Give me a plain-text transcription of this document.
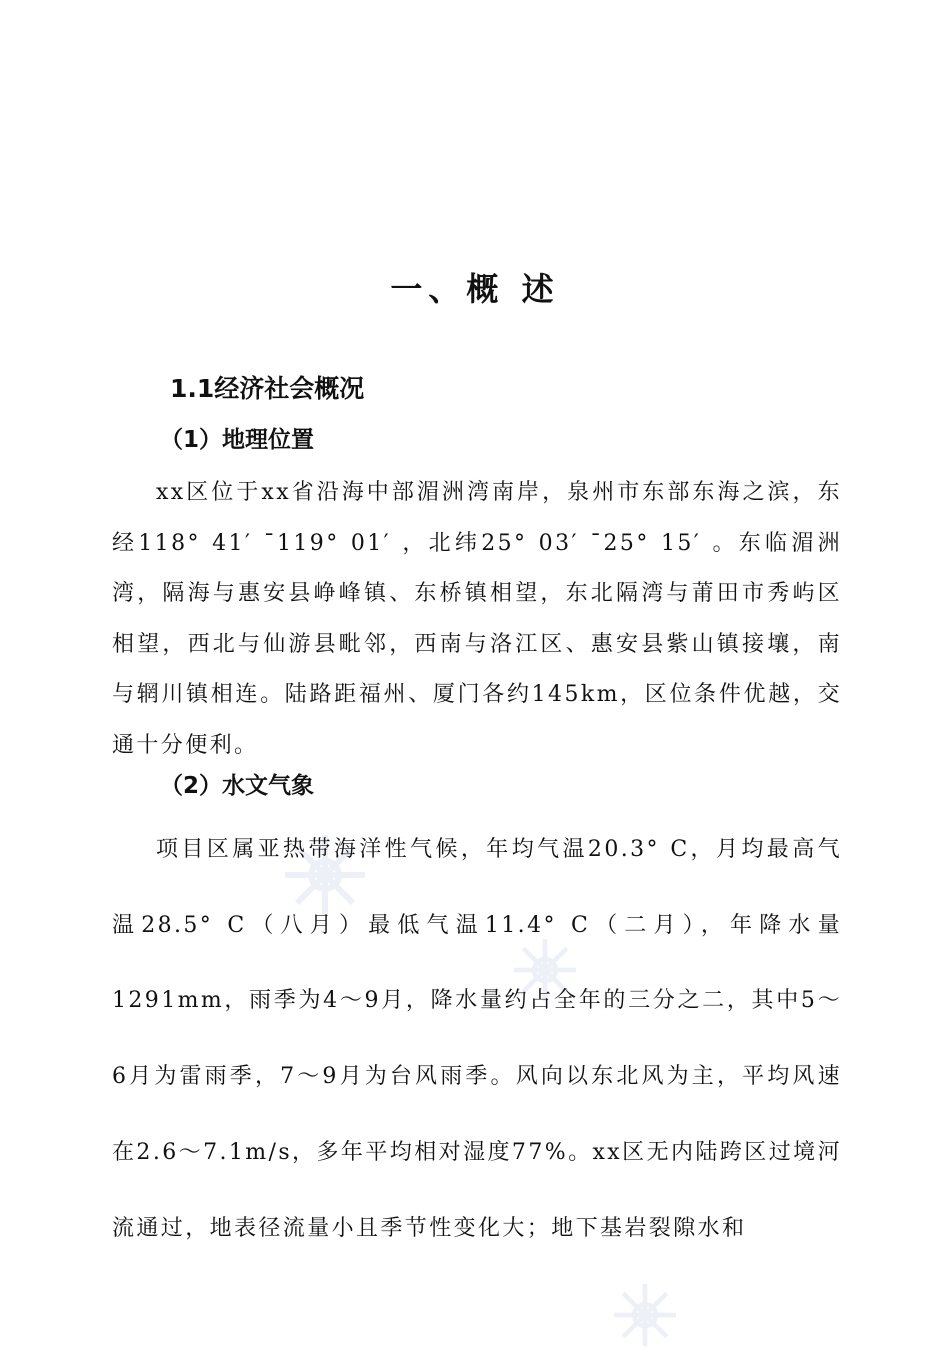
一、概 述
1.1经济社会概况
（1）地理位置

xx区位于xx省沿海中部湄洲湾南岸，泉州市东部东海之滨，东经118° 41′ ¯119° 01′ ，北纬25° 03′ ¯25° 15′ 。东临湄洲湾，隔海与惠安县峥峰镇、东桥镇相望，东北隔湾与莆田市秀屿区相望，西北与仙游县毗邻，西南与洛江区、惠安县紫山镇接壤，南与辋川镇相连。陆路距福州、厦门各约145km，区位条件优越，交通十分便利。

（2）水文气象

项目区属亚热带海洋性气候，年均气温20.3° C，月均最高气温28.5° C（八月）最低气温11.4° C（二月），年降水量1291mm，雨季为4～9月，降水量约占全年的三分之二，其中5～6月为雷雨季，7～9月为台风雨季。风向以东北风为主，平均风速在2.6～7.1m/s，多年平均相对湿度77%。xx区无内陆跨区过境河流通过，地表径流量小且季节性变化大；地下基岩裂隙水和
